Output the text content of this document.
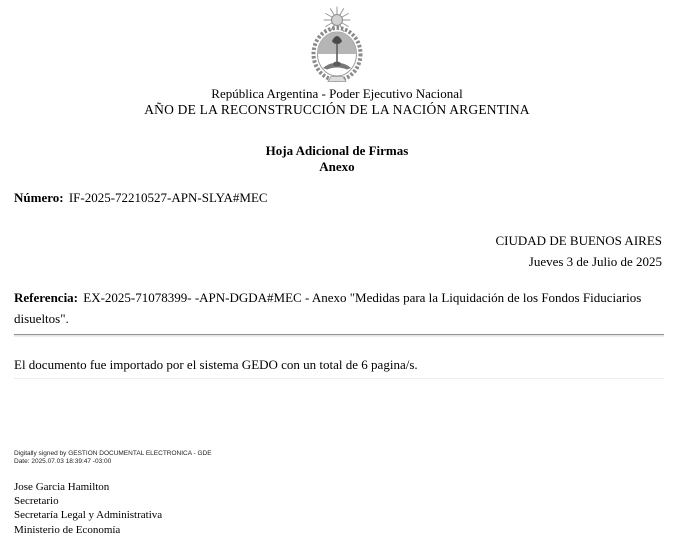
República Argentina - Poder Ejecutivo Nacional
AÑO DE LA RECONSTRUCCIÓN DE LA NACIÓN ARGENTINA
Hoja Adicional de Firmas
Anexo
Número: IF-2025-72210527-APN-SLYA#MEC
CIUDAD DE BUENOS AIRES
Jueves 3 de Julio de 2025
Referencia: EX-2025-71078399- -APN-DGDA#MEC - Anexo "Medidas para la Liquidación de los Fondos Fiduciarios disueltos".
El documento fue importado por el sistema GEDO con un total de 6 pagina/s.
Digitally signed by GESTION DOCUMENTAL ELECTRONICA - GDE
Date: 2025.07.03 18:39:47 -03:00
Jose Garcia Hamilton
Secretario
Secretaría Legal y Administrativa
Ministerio de Economía
